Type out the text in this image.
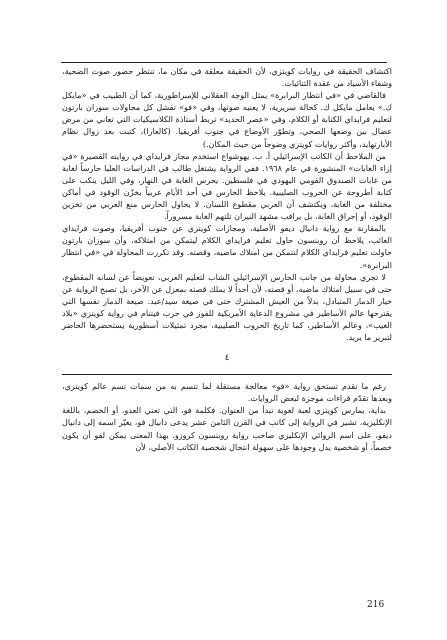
اكتشاف الحقيقة في روايات كويتزي، لأن الحقيقة معلقة في مكان ما، تنتظر حضور صوت الضحية، وشفاء الأسياد من عقدة الثنائيات.

فالقاضي في «في انتظار البرابرة» يمثل الوجه العقلاني للإمبراطورية، كما أن الطبيب في «مايكل ك.» يعامل مايكل ك. كحالة سريرية، لا يعنيه صوتها، وفي «فو» تفشل كل محاولات سوزان بارتون لتعليم فرايداي الكتابة أو الكلام، وفي «عصر الحديد» تربط أستاذة الكلاسيكيات التي تعاني من مرض عضال بين وضعها الصحي، وتطوّر الأوضاع في جنوب أفريقيا. (كالعارا)، كتبت بعد زوال نظام الأبارتهايد، وأكثر روايات كويتزي وضوحاً من حيث المكان.)

من الملاحظ أن الكاتب الإسرائيلي أ. ب. يهوشواع استخدم مجاز فرايداي في روايته القصيرة «في إزاء الغابات» المنشورة في عام ١٩٦٨. ففي الرواية يشتغل طالب في الدراسات العليا حارساً لغابة من غابات الصندوق القومي اليهودي في فلسطين. يحرس الغابة في النهار، وفي الليل ينكب على كتابة أطروحة عن الحروب الصليبية. يلاحظ الحارس في أحد الأيام عربياً يخزّن الوقود في أماكن مختلفة من الغابة، ويكتشف أن العربي مقطوع اللسان. لا يحاول الحارس منع العربي من تخزين الوقود، أو إحراق الغابة، بل يراقب مشهد النيران تلتهم الغابة مسروراً.

بالمقارنة مع رواية دانيال ديفو الأصلية، ومجازات كويتزي عن جنوب أفريقيا، وصوت فرايداي الغائب، يلاحظ أن روبنسون حاول تعليم فرايداي الكلام ليتمكن من امتلاكه، وأن سوزان بارتون حاولت تعليم فرايداي الكلام لتتمكن من امتلاك ماضيه، وقصته. وقد تكررت المحاولة في «في انتظار البرابرة».

لا تجري محاولة من جانب الحارس الإسرائيلي الشاب لتعليم العربي، تعويضاً عن لسانه المقطوع، حتى في سبيل امتلاك ماضيه، أو قصته، لأن أحداً لا يملك قصته بمعزل عن الآخر، بل تصبح الرواية عن خيار الدمار المتبادل، بدلاً من العيش المشترك حتى في صيغة سيد/عبد. صيغة الدمار نفسها التي يقترحها عالم الأساطير في مشروع الدعاية الأمريكية للفوز في حرب فيتنام في رواية كويتزي «بلاد الغيب»، وعالم الأساطير، كما تاريخ الحروب الصليبية، مجرد تمثيلات أسطورية يستحضرها الحاضر لتبرير ما يريد.

٤

رغم ما تقدم تستحق رواية «فو» معالجة مستقلة لما تتسم به من سمات تسم عالم كويتزي، وبعدها تقدّم قراءات موجزة لبعض الروايات.

بداية، يمارس كويتزي لعبة لغوية تبدأ من العنوان. فكلمة فو، التي تعني العدو، أو الخصم، باللغة الإنكليزية، تشير في الرواية إلى كاتب في القرن الثامن عشر يدعى دانيال فو، يغيّر اسمه إلى دانيال ديفو، على اسم الروائي الإنكليزي صاحب رواية روبنسون كروزو. بهذا المعنى يمكن لفو أن يكون خصماً، أو شخصية يدل وجودها على سهولة انتحال شخصية الكاتب الأصلي، لأن

216
